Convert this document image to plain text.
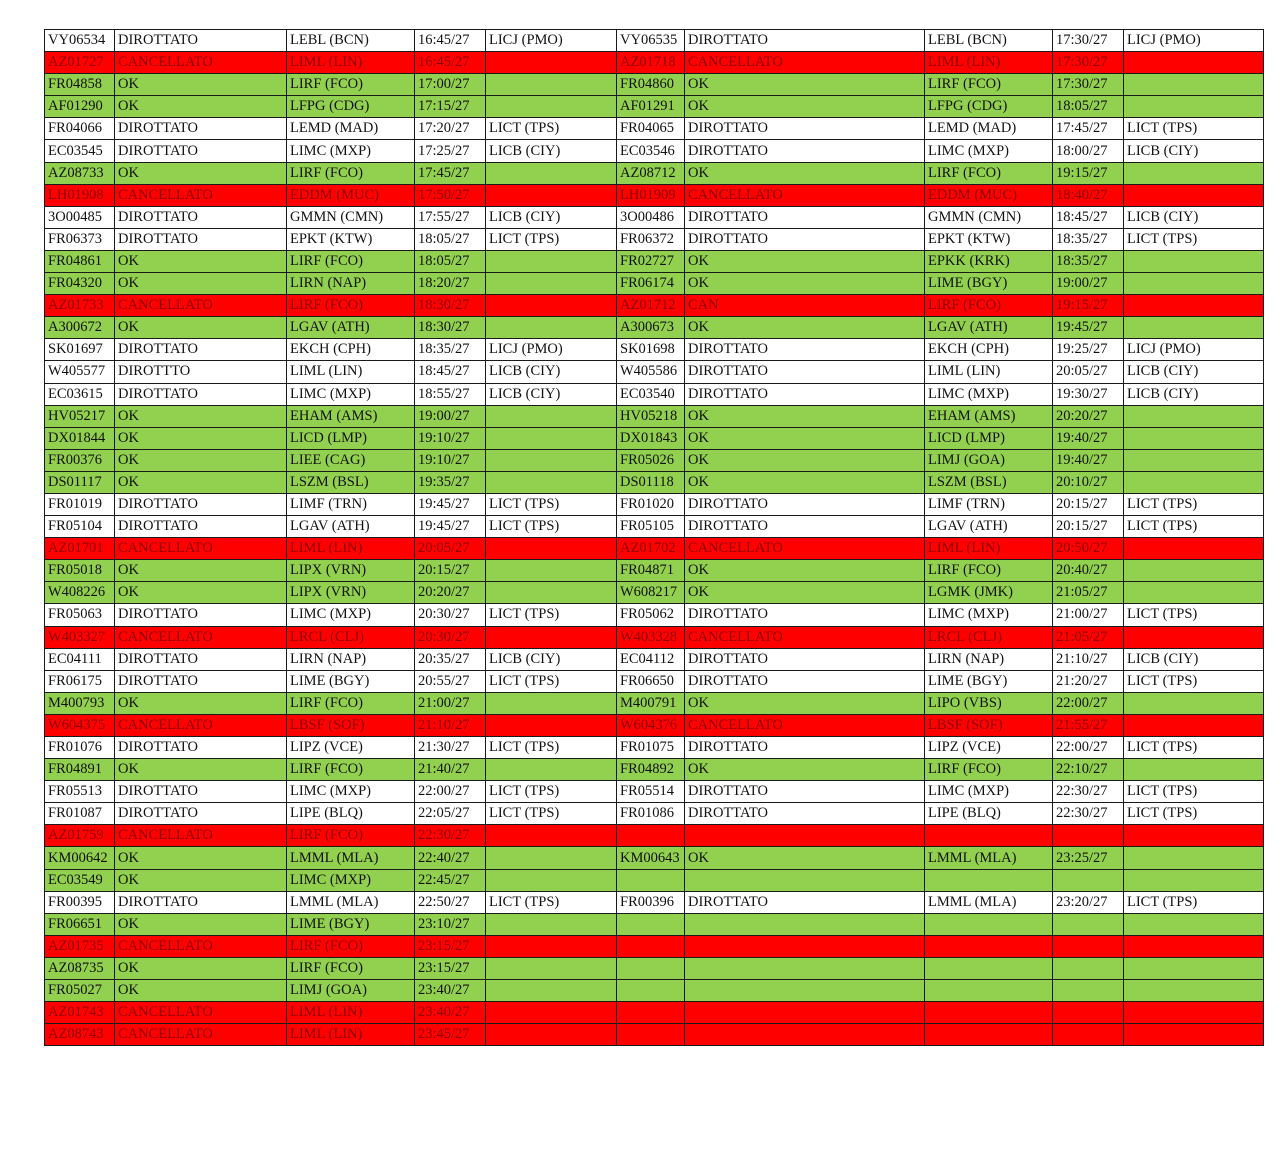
VY06534	DIROTTATO	LEBL (BCN)	16:45/27	LICJ (PMO)	VY06535	DIROTTATO	LEBL (BCN)	17:30/27	LICJ (PMO)
AZ01727	CANCELLATO	LIML (LIN)	16:45/27		AZ01718	CANCELLATO	LIML (LIN)	17:30/27	
FR04858	OK	LIRF (FCO)	17:00/27		FR04860	OK	LIRF (FCO)	17:30/27	
AF01290	OK	LFPG (CDG)	17:15/27		AF01291	OK	LFPG (CDG)	18:05/27	
FR04066	DIROTTATO	LEMD (MAD)	17:20/27	LICT (TPS)	FR04065	DIROTTATO	LEMD (MAD)	17:45/27	LICT (TPS)
EC03545	DIROTTATO	LIMC (MXP)	17:25/27	LICB (CIY)	EC03546	DIROTTATO	LIMC (MXP)	18:00/27	LICB (CIY)
AZ08733	OK	LIRF (FCO)	17:45/27		AZ08712	OK	LIRF (FCO)	19:15/27	
LH01908	CANCELLATO	EDDM (MUC)	17:50/27		LH01909	CANCELLATO	EDDM (MUC)	18:40/27	
3O00485	DIROTTATO	GMMN (CMN)	17:55/27	LICB (CIY)	3O00486	DIROTTATO	GMMN (CMN)	18:45/27	LICB (CIY)
FR06373	DIROTTATO	EPKT (KTW)	18:05/27	LICT (TPS)	FR06372	DIROTTATO	EPKT (KTW)	18:35/27	LICT (TPS)
FR04861	OK	LIRF (FCO)	18:05/27		FR02727	OK	EPKK (KRK)	18:35/27	
FR04320	OK	LIRN (NAP)	18:20/27		FR06174	OK	LIME (BGY)	19:00/27	
AZ01733	CANCELLATO	LIRF (FCO)	18:30/27		AZ01712	CAN	LIRF (FCO)	19:15/27	
A300672	OK	LGAV (ATH)	18:30/27		A300673	OK	LGAV (ATH)	19:45/27	
SK01697	DIROTTATO	EKCH (CPH)	18:35/27	LICJ (PMO)	SK01698	DIROTTATO	EKCH (CPH)	19:25/27	LICJ (PMO)
W405577	DIROTTTO	LIML (LIN)	18:45/27	LICB (CIY)	W405586	DIROTTATO	LIML (LIN)	20:05/27	LICB (CIY)
EC03615	DIROTTATO	LIMC (MXP)	18:55/27	LICB (CIY)	EC03540	DIROTTATO	LIMC (MXP)	19:30/27	LICB (CIY)
HV05217	OK	EHAM (AMS)	19:00/27		HV05218	OK	EHAM (AMS)	20:20/27	
DX01844	OK	LICD (LMP)	19:10/27		DX01843	OK	LICD (LMP)	19:40/27	
FR00376	OK	LIEE (CAG)	19:10/27		FR05026	OK	LIMJ (GOA)	19:40/27	
DS01117	OK	LSZM (BSL)	19:35/27		DS01118	OK	LSZM (BSL)	20:10/27	
FR01019	DIROTTATO	LIMF (TRN)	19:45/27	LICT (TPS)	FR01020	DIROTTATO	LIMF (TRN)	20:15/27	LICT (TPS)
FR05104	DIROTTATO	LGAV (ATH)	19:45/27	LICT (TPS)	FR05105	DIROTTATO	LGAV (ATH)	20:15/27	LICT (TPS)
AZ01701	CANCELLATO	LIML (LIN)	20:05/27		AZ01702	CANCELLATO	LIML (LIN)	20:50/27	
FR05018	OK	LIPX (VRN)	20:15/27		FR04871	OK	LIRF (FCO)	20:40/27	
W408226	OK	LIPX (VRN)	20:20/27		W608217	OK	LGMK (JMK)	21:05/27	
FR05063	DIROTTATO	LIMC (MXP)	20:30/27	LICT (TPS)	FR05062	DIROTTATO	LIMC (MXP)	21:00/27	LICT (TPS)
W403327	CANCELLATO	LRCL (CLJ)	20:30/27		W403328	CANCELLATO	LRCL (CLJ)	21:05/27	
EC04111	DIROTTATO	LIRN (NAP)	20:35/27	LICB (CIY)	EC04112	DIROTTATO	LIRN (NAP)	21:10/27	LICB (CIY)
FR06175	DIROTTATO	LIME (BGY)	20:55/27	LICT (TPS)	FR06650	DIROTTATO	LIME (BGY)	21:20/27	LICT (TPS)
M400793	OK	LIRF (FCO)	21:00/27		M400791	OK	LIPO (VBS)	22:00/27	
W604375	CANCELLATO	LBSF (SOF)	21:10/27		W604376	CANCELLATO	LBSF (SOF)	21:55/27	
FR01076	DIROTTATO	LIPZ (VCE)	21:30/27	LICT (TPS)	FR01075	DIROTTATO	LIPZ (VCE)	22:00/27	LICT (TPS)
FR04891	OK	LIRF (FCO)	21:40/27		FR04892	OK	LIRF (FCO)	22:10/27	
FR05513	DIROTTATO	LIMC (MXP)	22:00/27	LICT (TPS)	FR05514	DIROTTATO	LIMC (MXP)	22:30/27	LICT (TPS)
FR01087	DIROTTATO	LIPE (BLQ)	22:05/27	LICT (TPS)	FR01086	DIROTTATO	LIPE (BLQ)	22:30/27	LICT (TPS)
AZ01759	CANCELLATO	LIRF (FCO)	22:30/27						
KM00642	OK	LMML (MLA)	22:40/27		KM00643	OK	LMML (MLA)	23:25/27	
EC03549	OK	LIMC (MXP)	22:45/27						
FR00395	DIROTTATO	LMML (MLA)	22:50/27	LICT (TPS)	FR00396	DIROTTATO	LMML (MLA)	23:20/27	LICT (TPS)
FR06651	OK	LIME (BGY)	23:10/27						
AZ01735	CANCELLATO	LIRF (FCO)	23:15/27						
AZ08735	OK	LIRF (FCO)	23:15/27						
FR05027	OK	LIMJ (GOA)	23:40/27						
AZ01743	CANCELLATO	LIML (LIN)	23:40/27						
AZ08743	CANCELLATO	LIML (LIN)	23:45/27						
